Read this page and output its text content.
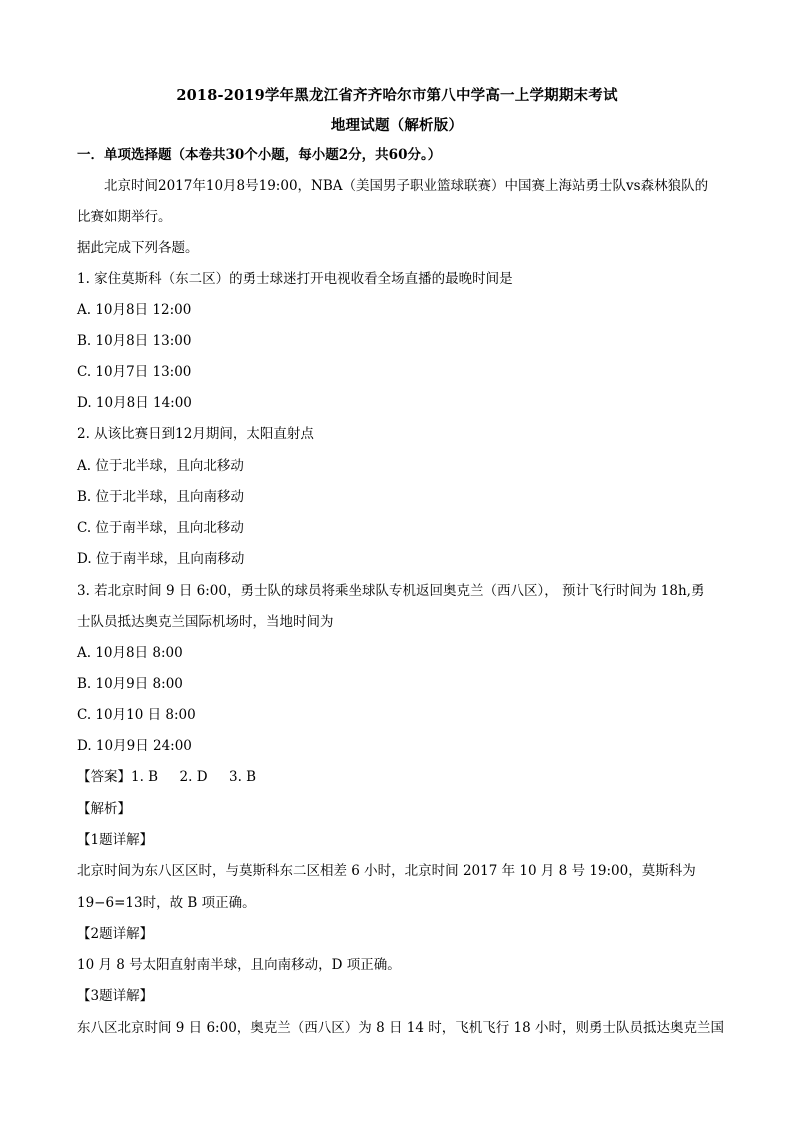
2018-2019学年黑龙江省齐齐哈尔市第八中学高一上学期期末考试
地理试题（解析版）
一．单项选择题（本卷共30个小题，每小题2分，共60分。）
北京时间2017年10月8号19:00，NBA（美国男子职业篮球联赛）中国赛上海站勇士队vs森林狼队的
比赛如期举行。
据此完成下列各题。
1. 家住莫斯科（东二区）的勇士球迷打开电视收看全场直播的最晚时间是
A. 10月8日 12:00
B. 10月8日 13:00
C. 10月7日 13:00
D. 10月8日 14:00
2. 从该比赛日到12月期间，太阳直射点
A. 位于北半球，且向北移动
B. 位于北半球，且向南移动
C. 位于南半球，且向北移动
D. 位于南半球，且向南移动
3. 若北京时间 9 日 6:00，勇士队的球员将乘坐球队专机返回奥克兰（西八区）， 预计飞行时间为 18h,勇
士队员抵达奥克兰国际机场时，当地时间为
A. 10月8日 8:00
B. 10月9日 8:00
C. 10月10 日 8:00
D. 10月9日 24:00
【答案】1. B     2. D     3. B
【解析】
【1题详解】
北京时间为东八区区时，与莫斯科东二区相差 6 小时，北京时间 2017 年 10 月 8 号 19:00，莫斯科为
19−6=13时，故 B 项正确。
【2题详解】
10 月 8 号太阳直射南半球，且向南移动，D 项正确。
【3题详解】
东八区北京时间 9 日 6:00，奥克兰（西八区）为 8 日 14 时，飞机飞行 18 小时，则勇士队员抵达奥克兰国
